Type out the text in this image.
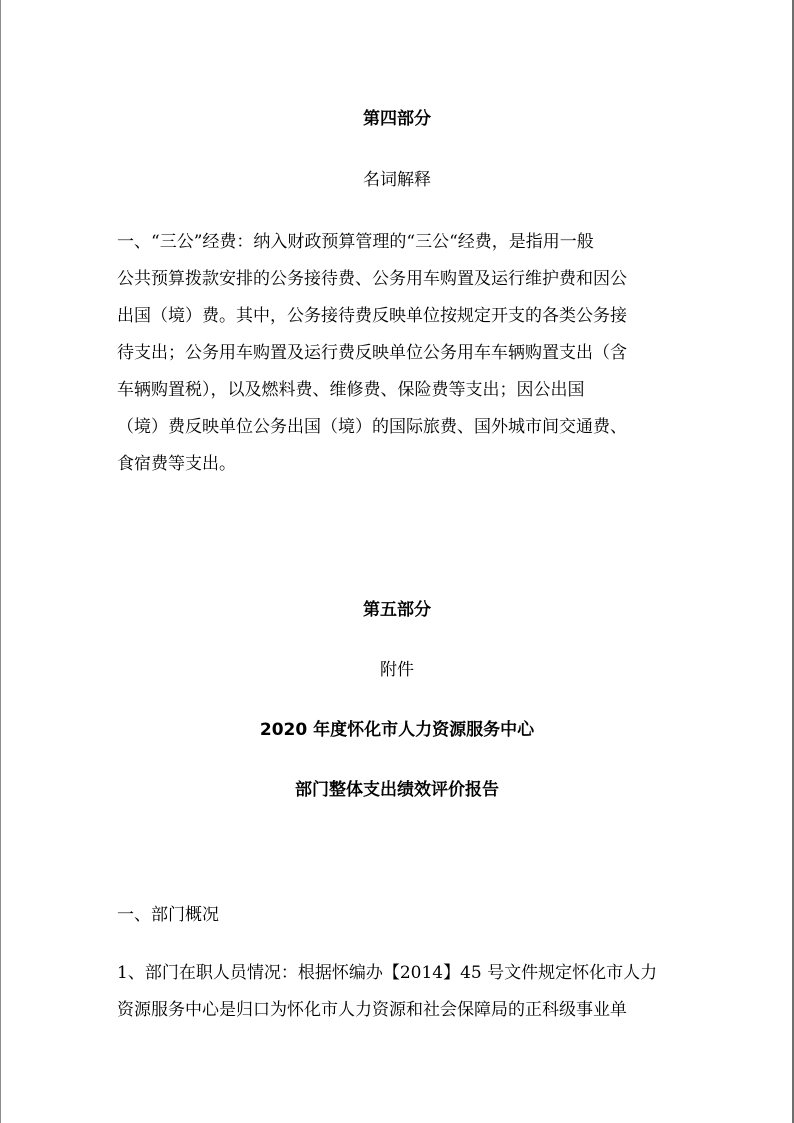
第四部分
名词解释
一、“三公”经费：纳入财政预算管理的“三公“经费，是指用一般
公共预算拨款安排的公务接待费、公务用车购置及运行维护费和因公
出国（境）费。其中，公务接待费反映单位按规定开支的各类公务接
待支出；公务用车购置及运行费反映单位公务用车车辆购置支出（含
车辆购置税），以及燃料费、维修费、保险费等支出；因公出国
（境）费反映单位公务出国（境）的国际旅费、国外城市间交通费、
食宿费等支出。
第五部分
附件
2020 年度怀化市人力资源服务中心
部门整体支出绩效评价报告
一、部门概况
1、部门在职人员情况：根据怀编办【2014】45 号文件规定怀化市人力
资源服务中心是归口为怀化市人力资源和社会保障局的正科级事业单
